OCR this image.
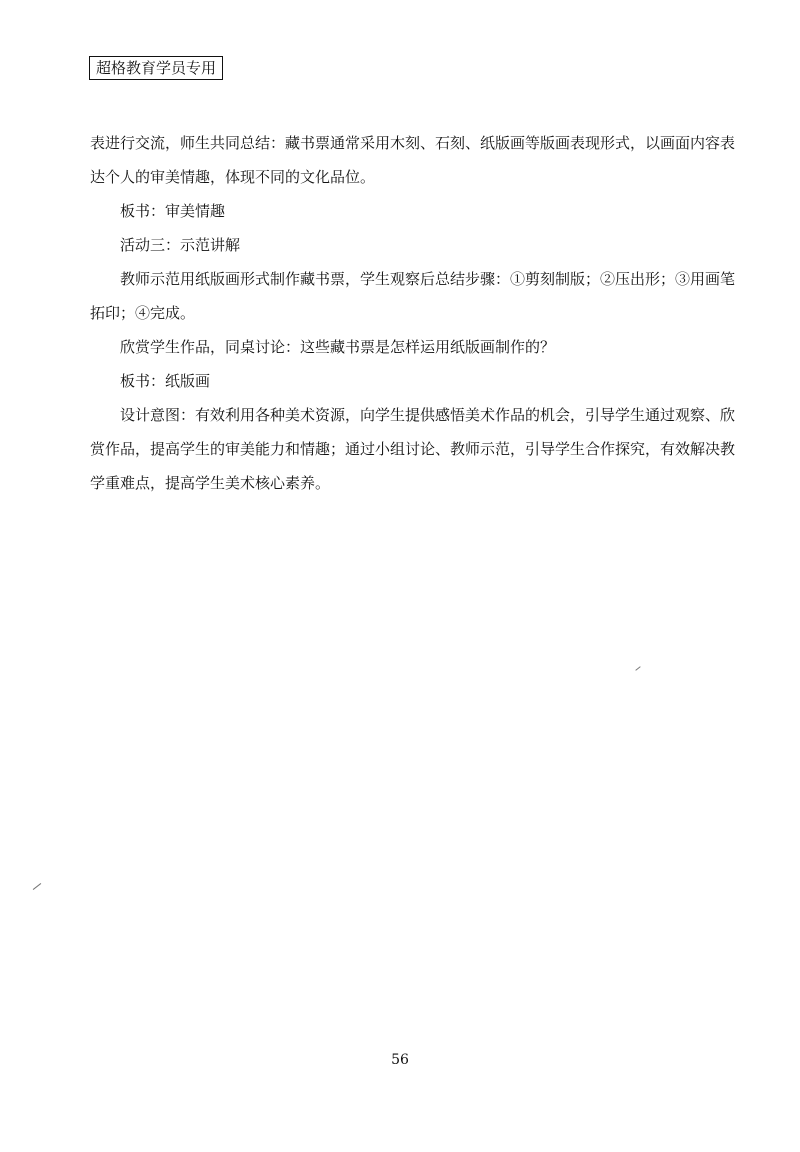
超格教育学员专用

表进行交流，师生共同总结：藏书票通常采用木刻、石刻、纸版画等版画表现形式，以画面内容表达个人的审美情趣，体现不同的文化品位。

板书：审美情趣

活动三：示范讲解

教师示范用纸版画形式制作藏书票，学生观察后总结步骤：①剪刻制版；②压出形；③用画笔拓印；④完成。

欣赏学生作品，同桌讨论：这些藏书票是怎样运用纸版画制作的？

板书：纸版画

设计意图：有效利用各种美术资源，向学生提供感悟美术作品的机会，引导学生通过观察、欣赏作品，提高学生的审美能力和情趣；通过小组讨论、教师示范，引导学生合作探究，有效解决教学重难点，提高学生美术核心素养。

56
